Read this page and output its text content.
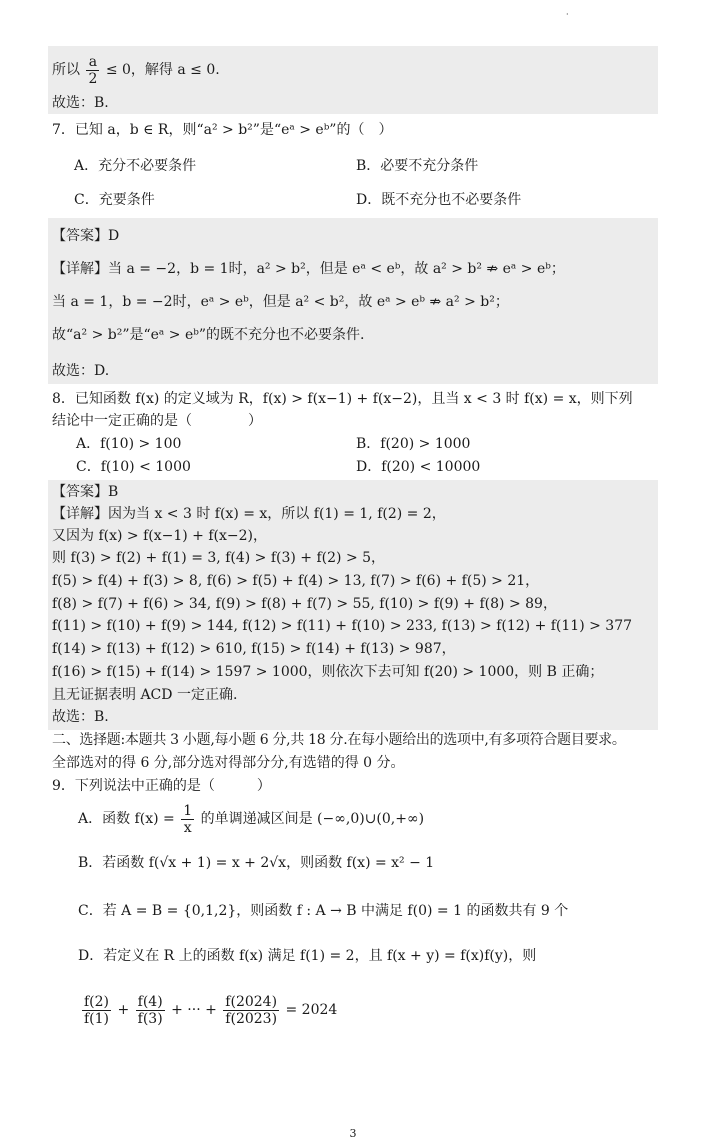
·
所以 $\frac{a}{2} \le 0$，解得 a ≤ 0.
故选：B.
7．已知 a，b ∈ R，则“a² > b²”是“eᵃ > eᵇ”的（　）
A．充分不必要条件	B．必要不充分条件
C．充要条件	D．既不充分也不必要条件
【答案】D
【详解】当 a = −2，b = 1时，a² > b²，但是 eᵃ < eᵇ，故 a² > b² ⇏ eᵃ > eᵇ；
当 a = 1，b = −2时，eᵃ > eᵇ，但是 a² < b²，故 eᵃ > eᵇ ⇏ a² > b²；
故“a² > b²”是“eᵃ > eᵇ”的既不充分也不必要条件.
故选：D.
8．已知函数 f(x) 的定义域为 R，f(x) > f(x−1) + f(x−2)，且当 x < 3 时 f(x) = x，则下列
结论中一定正确的是（　　　　）
A．f(10) > 100	B．f(20) > 1000
C．f(10) < 1000	D．f(20) < 10000
【答案】B
【详解】因为当 x < 3 时 f(x) = x，所以 f(1) = 1, f(2) = 2，
又因为 f(x) > f(x−1) + f(x−2)，
则 f(3) > f(2) + f(1) = 3, f(4) > f(3) + f(2) > 5，
f(5) > f(4) + f(3) > 8, f(6) > f(5) + f(4) > 13, f(7) > f(6) + f(5) > 21，
f(8) > f(7) + f(6) > 34, f(9) > f(8) + f(7) > 55, f(10) > f(9) + f(8) > 89，
f(11) > f(10) + f(9) > 144, f(12) > f(11) + f(10) > 233, f(13) > f(12) + f(11) > 377
f(14) > f(13) + f(12) > 610, f(15) > f(14) + f(13) > 987，
f(16) > f(15) + f(14) > 1597 > 1000，则依次下去可知 f(20) > 1000，则 B 正确；
且无证据表明 ACD 一定正确.
故选：B.
二、选择题:本题共 3 小题,每小题 6 分,共 18 分.在每小题给出的选项中,有多项符合题目要求。
全部选对的得 6 分,部分选对得部分分,有选错的得 0 分。
9．下列说法中正确的是（　　　）
A．函数 $f(x) = \frac{1}{x}$ 的单调递减区间是 (−∞,0)∪(0,+∞)
B．若函数 f(√x + 1) = x + 2√x，则函数 f(x) = x² − 1
C．若 A = B = {0,1,2}，则函数 f : A → B 中满足 f(0) = 1 的函数共有 9 个
D．若定义在 R 上的函数 f(x) 满足 f(1) = 2，且 f(x + y) = f(x)f(y)，则
$\frac{f(2)}{f(1)} + \frac{f(4)}{f(3)}$ + ··· + $\frac{f(2024)}{f(2023)} = 2024$
3
